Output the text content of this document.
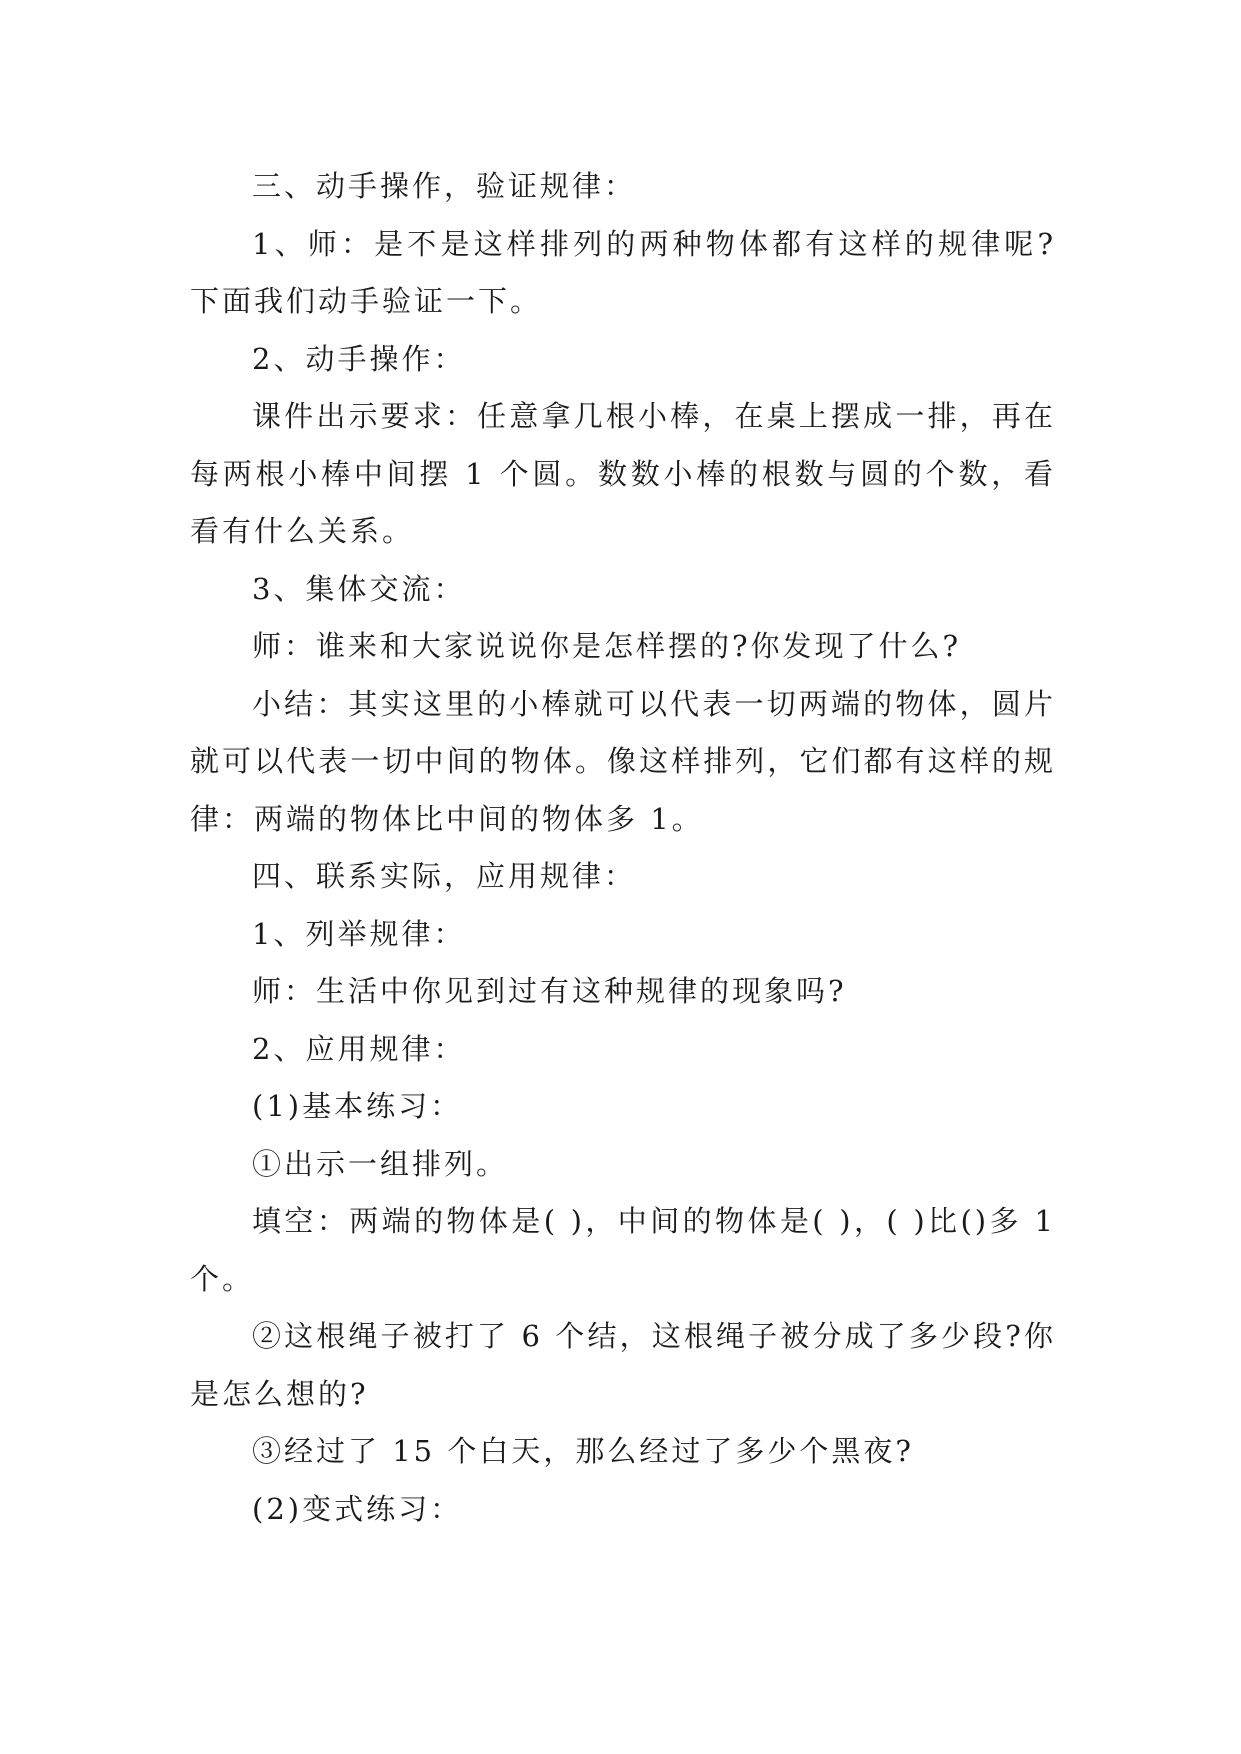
三、动手操作，验证规律：

1、师：是不是这样排列的两种物体都有这样的规律呢?下面我们动手验证一下。

2、动手操作：

课件出示要求：任意拿几根小棒，在桌上摆成一排，再在每两根小棒中间摆 1 个圆。数数小棒的根数与圆的个数，看看有什么关系。

3、集体交流：

师：谁来和大家说说你是怎样摆的?你发现了什么?

小结：其实这里的小棒就可以代表一切两端的物体，圆片就可以代表一切中间的物体。像这样排列，它们都有这样的规律：两端的物体比中间的物体多 1。

四、联系实际，应用规律：

1、列举规律：

师：生活中你见到过有这种规律的现象吗?

2、应用规律：

(1)基本练习：

①出示一组排列。

填空：两端的物体是( )，中间的物体是( )，( )比()多 1 个。

②这根绳子被打了 6 个结，这根绳子被分成了多少段?你是怎么想的?

③经过了 15 个白天，那么经过了多少个黑夜?

(2)变式练习：
